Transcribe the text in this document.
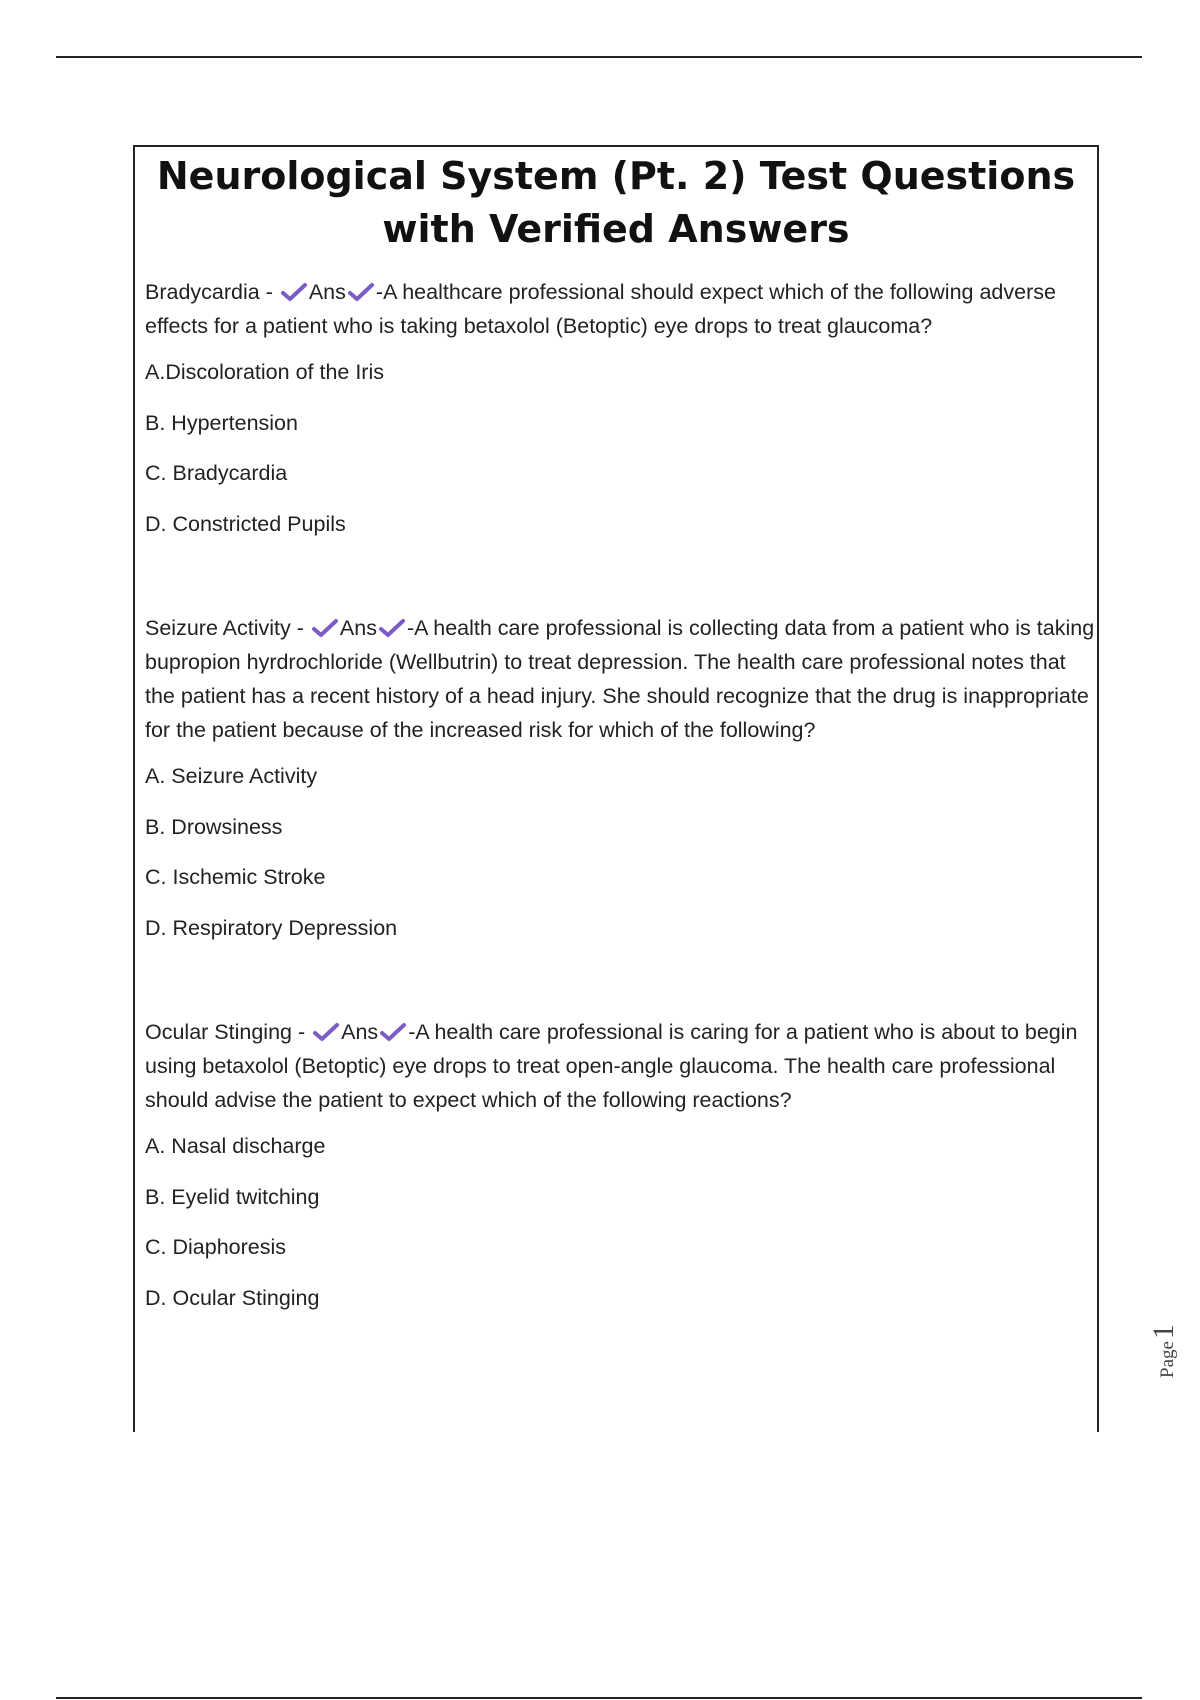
Neurological System (Pt. 2) Test Questions
with Verified Answers

Bradycardia - Ans -A healthcare professional should expect which of the following adverse effects for a patient who is taking betaxolol (Betoptic) eye drops to treat glaucoma?

A.Discoloration of the Iris
B. Hypertension
C. Bradycardia
D. Constricted Pupils

Seizure Activity - Ans -A health care professional is collecting data from a patient who is taking bupropion hyrdrochloride (Wellbutrin) to treat depression. The health care professional notes that the patient has a recent history of a head injury. She should recognize that the drug is inappropriate for the patient because of the increased risk for which of the following?

A. Seizure Activity
B. Drowsiness
C. Ischemic Stroke
D. Respiratory Depression

Ocular Stinging - Ans -A health care professional is caring for a patient who is about to begin using betaxolol (Betoptic) eye drops to treat open-angle glaucoma. The health care professional should advise the patient to expect which of the following reactions?

A. Nasal discharge
B. Eyelid twitching
C. Diaphoresis
D. Ocular Stinging
Page1
